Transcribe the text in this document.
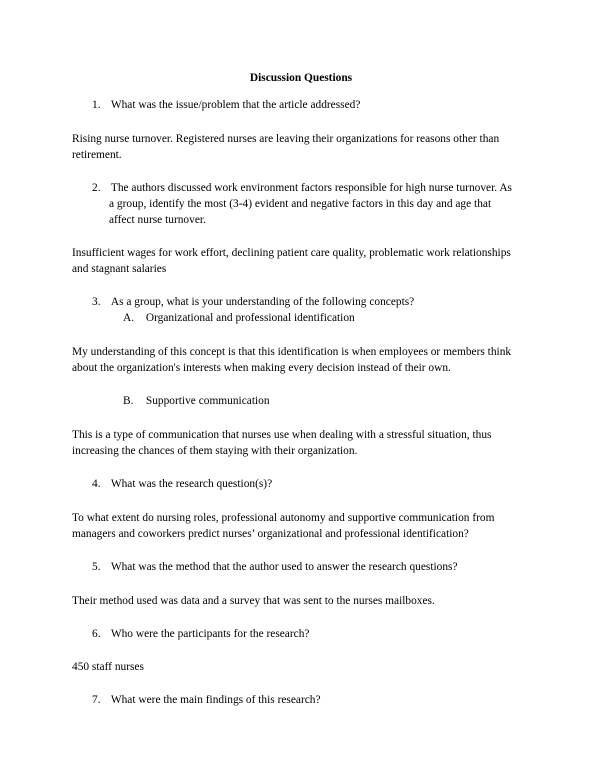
Discussion Questions
1. What was the issue/problem that the article addressed?
Rising nurse turnover. Registered nurses are leaving their organizations for reasons other than
retirement.
2. The authors discussed work environment factors responsible for high nurse turnover. As
a group, identify the most (3-4) evident and negative factors in this day and age that
affect nurse turnover.
Insufficient wages for work effort, declining patient care quality, problematic work relationships
and stagnant salaries
3. As a group, what is your understanding of the following concepts?
A. Organizational and professional identification
My understanding of this concept is that this identification is when employees or members think
about the organization's interests when making every decision instead of their own.
B. Supportive communication
This is a type of communication that nurses use when dealing with a stressful situation, thus
increasing the chances of them staying with their organization.
4. What was the research question(s)?
To what extent do nursing roles, professional autonomy and supportive communication from
managers and coworkers predict nurses’ organizational and professional identification?
5. What was the method that the author used to answer the research questions?
Their method used was data and a survey that was sent to the nurses mailboxes.
6. Who were the participants for the research?
450 staff nurses
7. What were the main findings of this research?
